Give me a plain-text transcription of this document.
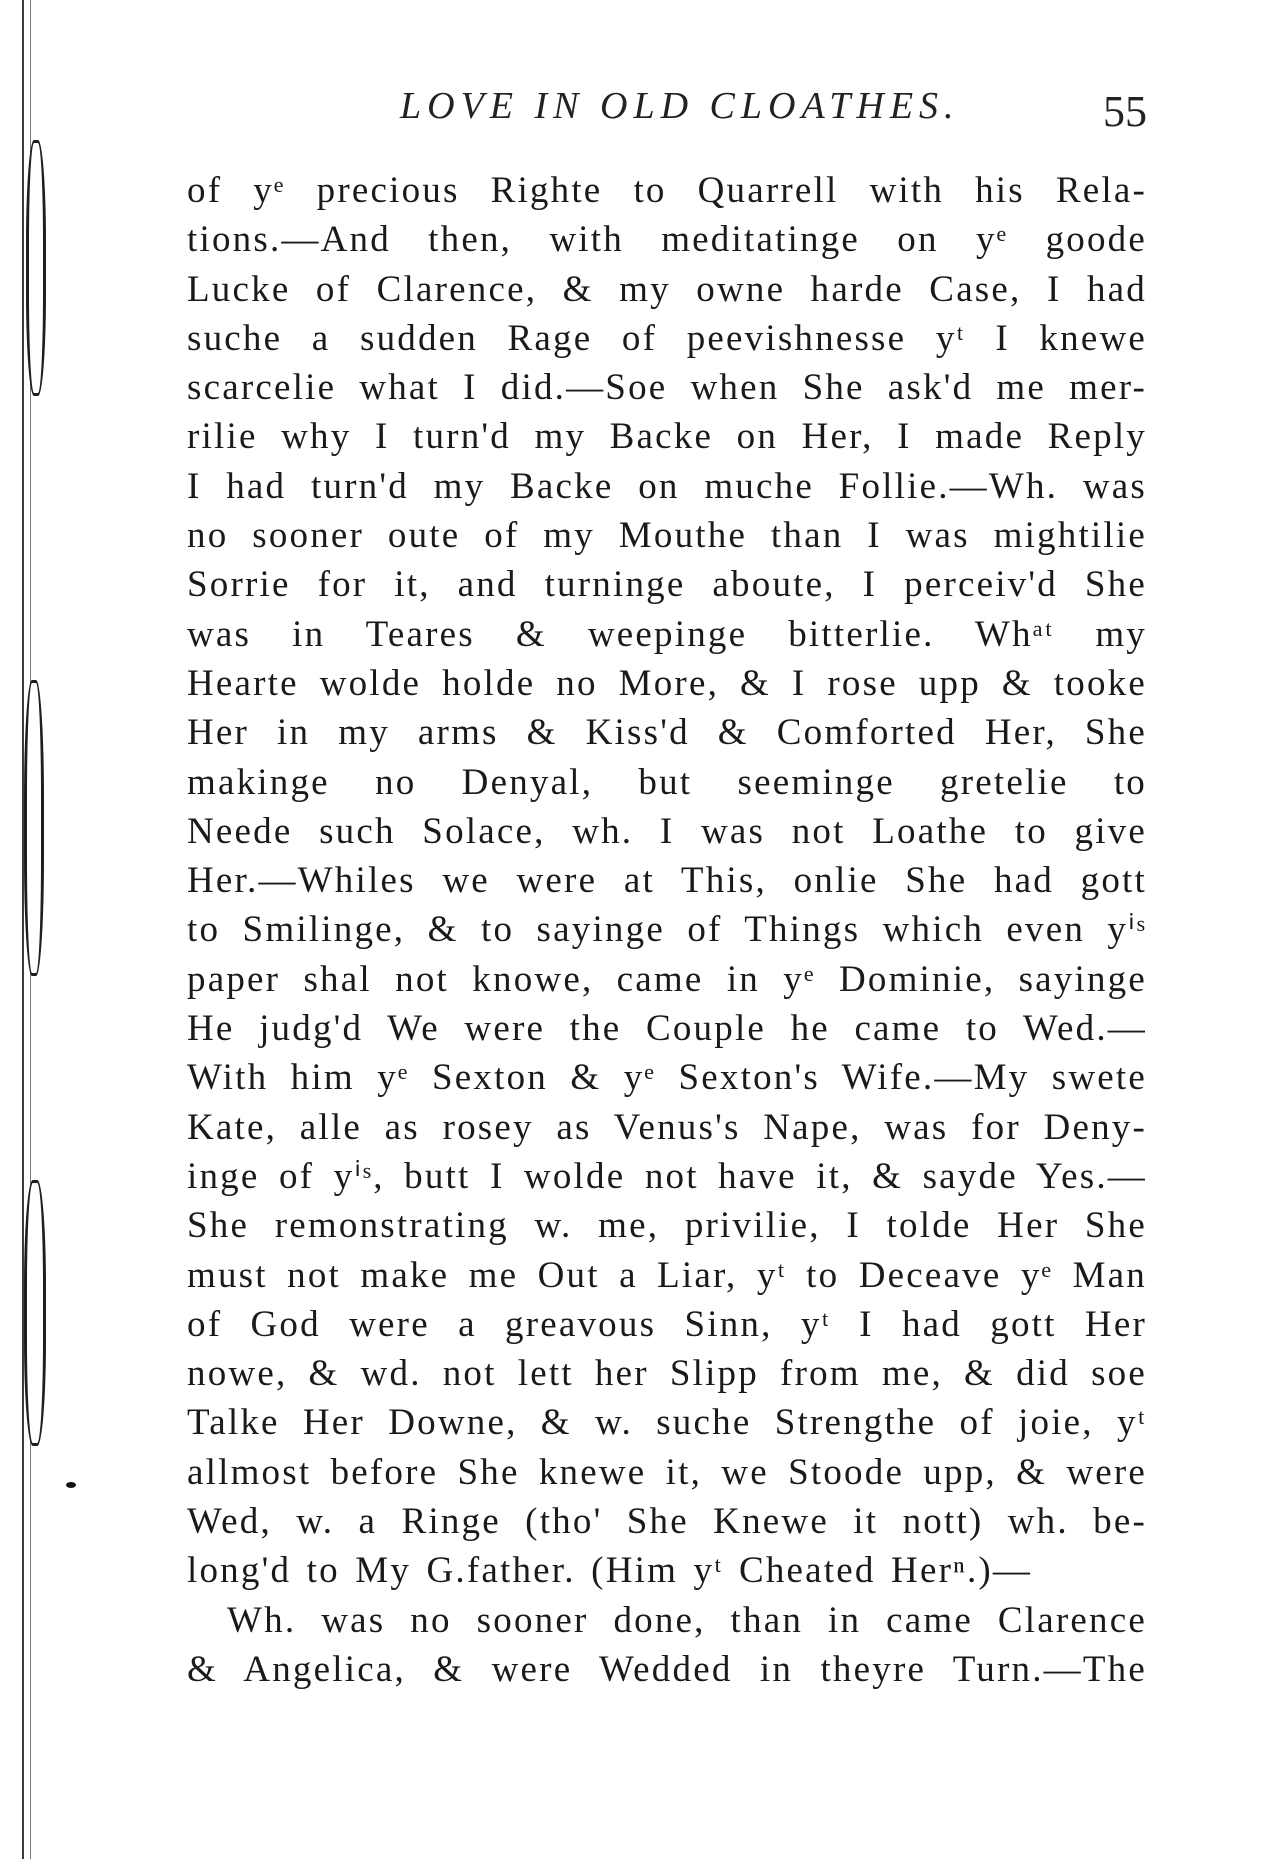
LOVE IN OLD CLOATHES.	55
of yᵉ precious Righte to Quarrell with his Rela-
tions.—And then, with meditatinge on yᵉ goode
Lucke of Clarence, & my owne harde Case, I had
suche a sudden Rage of peevishnesse yᵗ I knewe
scarcelie what I did.—Soe when She ask'd me mer-
rilie why I turn'd my Backe on Her, I made Reply
I had turn'd my Backe on muche Follie.—Wh. was
no sooner oute of my Mouthe than I was mightilie
Sorrie for it, and turninge aboute, I perceiv'd She
was in Teares & weepinge bitterlie. Whᵃᵗ my
Hearte wolde holde no More, & I rose upp & tooke
Her in my arms & Kiss'd & Comforted Her, She
makinge no Denyal, but seeminge gretelie to
Neede such Solace, wh. I was not Loathe to give
Her.—Whiles we were at This, onlie She had gott
to Smilinge, & to sayinge of Things which even yⁱˢ
paper shal not knowe, came in yᵉ Dominie, sayinge
He judg'd We were the Couple he came to Wed.—
With him yᵉ Sexton & yᵉ Sexton's Wife.—My swete
Kate, alle as rosey as Venus's Nape, was for Deny-
inge of yⁱˢ, butt I wolde not have it, & sayde Yes.—
She remonstrating w. me, privilie, I tolde Her She
must not make me Out a Liar, yᵗ to Deceave yᵉ Man
of God were a greavous Sinn, yᵗ I had gott Her
nowe, & wd. not lett her Slipp from me, & did soe
Talke Her Downe, & w. suche Strengthe of joie, yᵗ
allmost before She knewe it, we Stoode upp, & were
Wed, w. a Ringe (tho' She Knewe it nott) wh. be-
long'd to My G.father. (Him yᵗ Cheated Herⁿ.)—
Wh. was no sooner done, than in came Clarence
& Angelica, & were Wedded in theyre Turn.—The
